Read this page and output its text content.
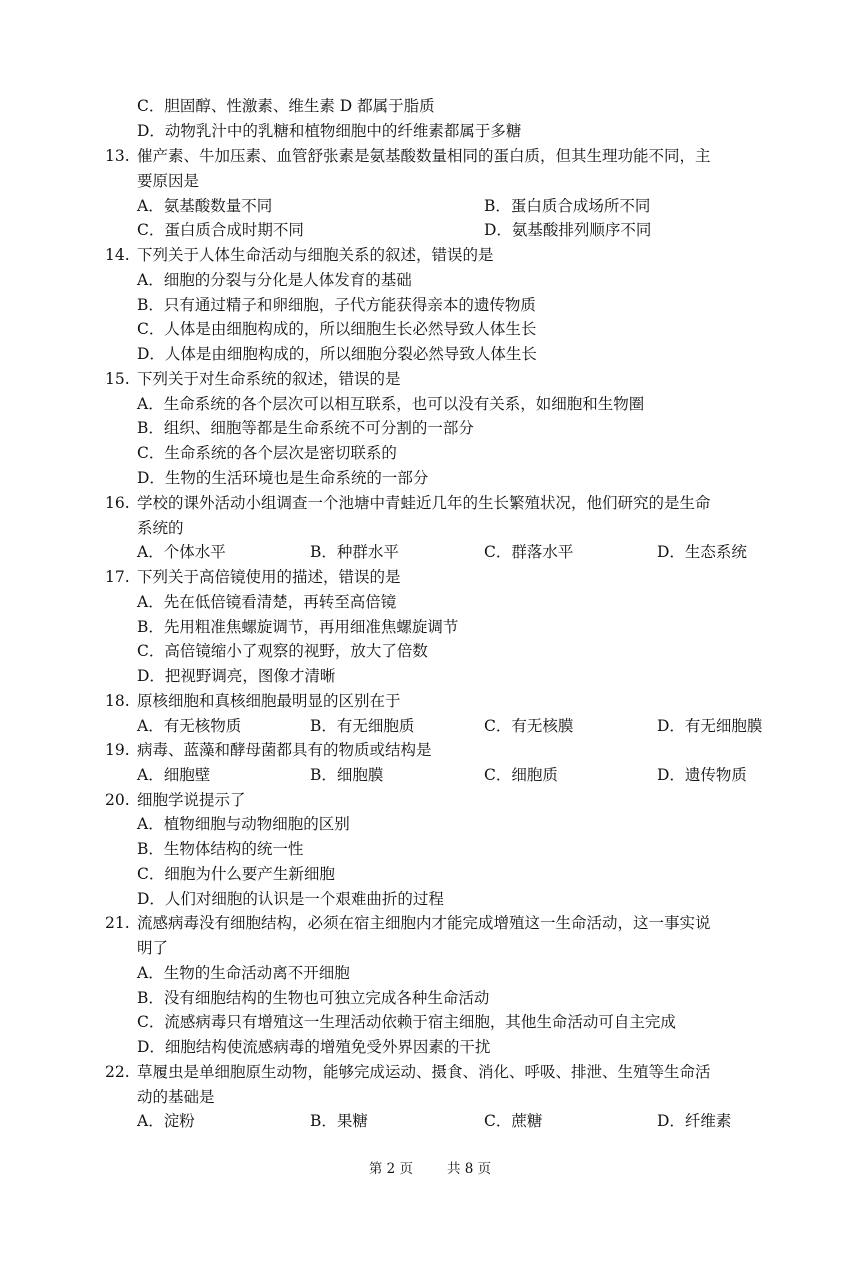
C．胆固醇、性激素、维生素 D 都属于脂质
D．动物乳汁中的乳糖和植物细胞中的纤维素都属于多糖
13. 催产素、牛加压素、血管舒张素是氨基酸数量相同的蛋白质，但其生理功能不同，主
要原因是
A．氨基酸数量不同	B．蛋白质合成场所不同
C．蛋白质合成时期不同	D．氨基酸排列顺序不同
14. 下列关于人体生命活动与细胞关系的叙述，错误的是
A．细胞的分裂与分化是人体发育的基础
B．只有通过精子和卵细胞，子代方能获得亲本的遗传物质
C．人体是由细胞构成的，所以细胞生长必然导致人体生长
D．人体是由细胞构成的，所以细胞分裂必然导致人体生长
15. 下列关于对生命系统的叙述，错误的是
A．生命系统的各个层次可以相互联系，也可以没有关系，如细胞和生物圈
B．组织、细胞等都是生命系统不可分割的一部分
C．生命系统的各个层次是密切联系的
D．生物的生活环境也是生命系统的一部分
16. 学校的课外活动小组调查一个池塘中青蛙近几年的生长繁殖状况，他们研究的是生命
系统的
A．个体水平	B．种群水平	C．群落水平	D．生态系统
17. 下列关于高倍镜使用的描述，错误的是
A．先在低倍镜看清楚，再转至高倍镜
B．先用粗准焦螺旋调节，再用细准焦螺旋调节
C．高倍镜缩小了观察的视野，放大了倍数
D．把视野调亮，图像才清晰
18. 原核细胞和真核细胞最明显的区别在于
A．有无核物质	B．有无细胞质	C．有无核膜	D．有无细胞膜
19. 病毒、蓝藻和酵母菌都具有的物质或结构是
A．细胞壁	B．细胞膜	C．细胞质	D．遗传物质
20. 细胞学说提示了
A．植物细胞与动物细胞的区别
B．生物体结构的统一性
C．细胞为什么要产生新细胞
D．人们对细胞的认识是一个艰难曲折的过程
21. 流感病毒没有细胞结构，必须在宿主细胞内才能完成增殖这一生命活动，这一事实说
明了
A．生物的生命活动离不开细胞
B．没有细胞结构的生物也可独立完成各种生命活动
C．流感病毒只有增殖这一生理活动依赖于宿主细胞，其他生命活动可自主完成
D．细胞结构使流感病毒的增殖免受外界因素的干扰
22. 草履虫是单细胞原生动物，能够完成运动、摄食、消化、呼吸、排泄、生殖等生命活
动的基础是
A．淀粉	B．果糖	C．蔗糖	D．纤维素
第 2 页	共 8 页
